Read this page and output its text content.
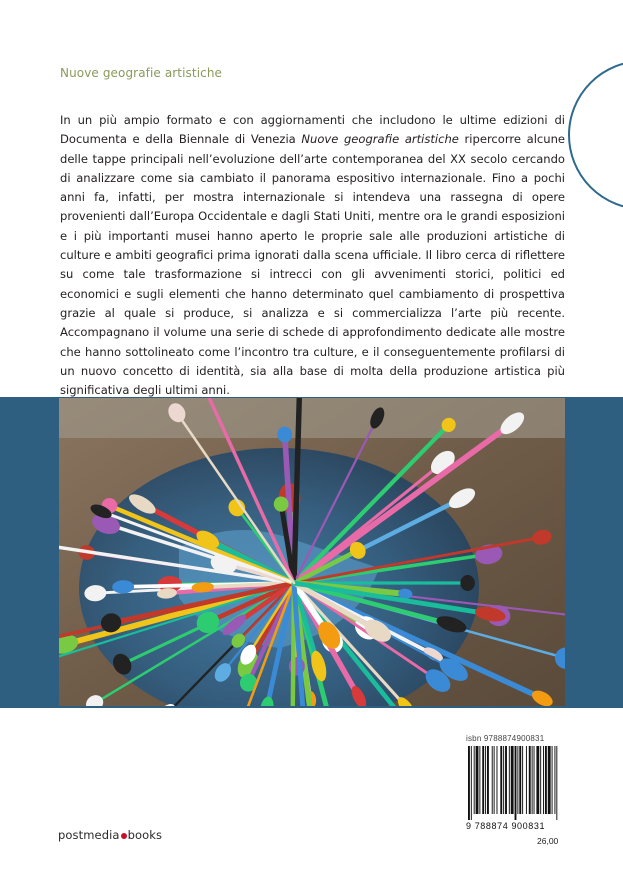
Nuove geografie artistiche
In un più ampio formato e con aggiornamenti che includono le ultime edizioni di Documenta e della Biennale di Venezia Nuove geografie artistiche ripercorre alcune delle tappe principali nell’evoluzione dell’arte contemporanea del XX secolo cercando di analizzare come sia cambiato il panorama espositivo internazionale. Fino a pochi anni fa, infatti, per mostra internazionale si intendeva una rassegna di opere provenienti dall’Europa Occidentale e dagli Stati Uniti, mentre ora le grandi esposizioni e i più importanti musei hanno aperto le proprie sale alle produzioni artistiche di culture e ambiti geografici prima ignorati dalla scena ufficiale. Il libro cerca di riflettere su come tale trasformazione si intrecci con gli avvenimenti storici, politici ed economici e sugli elementi che hanno determinato quel cambiamento di prospettiva grazie al quale si produce, si analizza e si commercializza l’arte più recente. Accompagnano il volume una serie di schede di approfondimento dedicate alle mostre che hanno sottolineato come l’incontro tra culture, e il conseguentemente profilarsi di un nuovo concetto di identità, sia alla base di molta della produzione artistica più significativa degli ultimi anni.
isbn 9788874900831
9 788874 900831
26,00
postmedia books
